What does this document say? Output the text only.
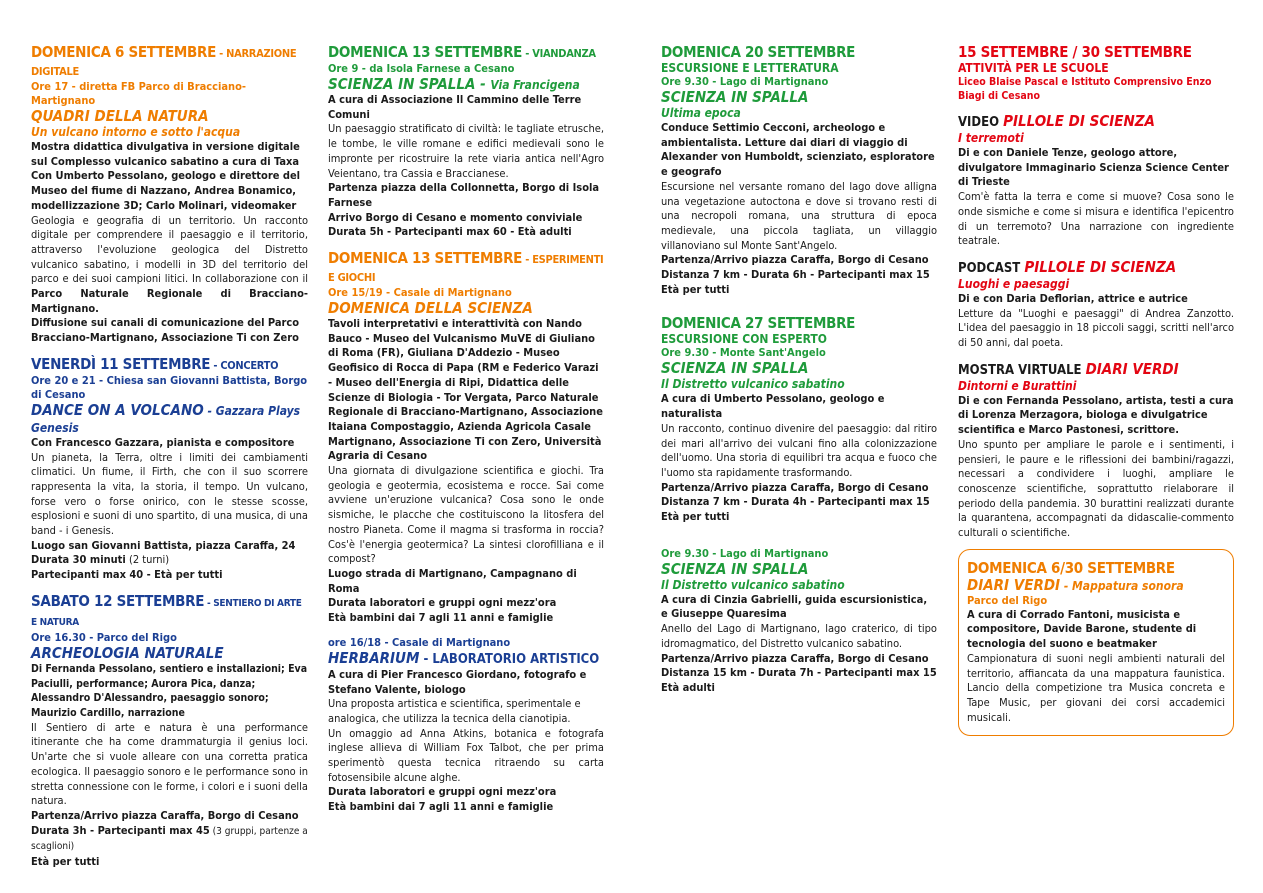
DOMENICA 6 SETTEMBRE - NARRAZIONE DIGITALE
Ore 17 - diretta FB Parco di Bracciano-Martignano
QUADRI DELLA NATURA
Un vulcano intorno e sotto l'acqua
Mostra didattica divulgativa in versione digitale sul Complesso vulcanico sabatino a cura di Taxa
Con Umberto Pessolano, geologo e direttore del Museo del fiume di Nazzano, Andrea Bonamico, modellizzazione 3D; Carlo Molinari, videomaker
Geologia e geografia di un territorio. Un racconto digitale per comprendere il paesaggio e il territorio, attraverso l'evoluzione geologica del Distretto vulcanico sabatino, i modelli in 3D del territorio del parco e dei suoi campioni litici. In collaborazione con il Parco Naturale Regionale di Bracciano-Martignano.
Diffusione sui canali di comunicazione del Parco Bracciano-Martignano, Associazione Ti con Zero
VENERDÌ 11 SETTEMBRE - CONCERTO
Ore 20 e 21 - Chiesa san Giovanni Battista, Borgo di Cesano
DANCE ON A VOLCANO - Gazzara Plays Genesis
Con Francesco Gazzara, pianista e compositore
Un pianeta, la Terra, oltre i limiti dei cambiamenti climatici. Un fiume, il Firth, che con il suo scorrere rappresenta la vita, la storia, il tempo. Un vulcano, forse vero o forse onirico, con le stesse scosse, esplosioni e suoni di uno spartito, di una musica, di una band - i Genesis.
Luogo san Giovanni Battista, piazza Caraffa, 24
Durata 30 minuti (2 turni)
Partecipanti max 40 - Età per tutti
SABATO 12 SETTEMBRE - SENTIERO DI ARTE E NATURA
Ore 16.30 - Parco del Rigo
ARCHEOLOGIA NATURALE
Di Fernanda Pessolano, sentiero e installazioni; Eva Paciulli, performance; Aurora Pica, danza; Alessandro D'Alessandro, paesaggio sonoro; Maurizio Cardillo, narrazione
Il Sentiero di arte e natura è una performance itinerante che ha come drammaturgia il genius loci. Un'arte che si vuole alleare con una corretta pratica ecologica. Il paesaggio sonoro e le performance sono in stretta connessione con le forme, i colori e i suoni della natura.
Partenza/Arrivo piazza Caraffa, Borgo di Cesano
Durata 3h - Partecipanti max 45 (3 gruppi, partenze a scaglioni)
Età per tutti
DOMENICA 13 SETTEMBRE - VIANDANZA
Ore 9 - da Isola Farnese a Cesano
SCIENZA IN SPALLA - Via Francigena
A cura di Associazione Il Cammino delle Terre Comuni
Un paesaggio stratificato di civiltà: le tagliate etrusche, le tombe, le ville romane e edifici medievali sono le impronte per ricostruire la rete viaria antica nell'Agro Veientano, tra Cassia e Braccianese.
Partenza piazza della Collonnetta, Borgo di Isola Farnese
Arrivo Borgo di Cesano e momento conviviale
Durata 5h - Partecipanti max 60 - Età adulti
DOMENICA 13 SETTEMBRE - ESPERIMENTI E GIOCHI
Ore 15/19 - Casale di Martignano
DOMENICA DELLA SCIENZA
Tavoli interpretativi e interattività con Nando Bauco - Museo del Vulcanismo MuVE di Giuliano di Roma (FR), Giuliana D'Addezio - Museo Geofisico di Rocca di Papa (RM e Federico Varazi - Museo dell'Energia di Ripi, Didattica delle Scienze di Biologia - Tor Vergata, Parco Naturale Regionale di Bracciano-Martignano, Associazione Itaiana Compostaggio, Azienda Agricola Casale Martignano, Associazione Ti con Zero, Università Agraria di Cesano
Una giornata di divulgazione scientifica e giochi. Tra geologia e geotermia, ecosistema e rocce. Sai come avviene un'eruzione vulcanica? Cosa sono le onde sismiche, le placche che costituiscono la litosfera del nostro Pianeta. Come il magma si trasforma in roccia? Cos'è l'energia geotermica? La sintesi clorofilliana e il compost?
Luogo strada di Martignano, Campagnano di Roma
Durata laboratori e gruppi ogni mezz'ora
Età bambini dai 7 agli 11 anni e famiglie
ore 16/18 - Casale di Martignano
HERBARIUM - LABORATORIO ARTISTICO
A cura di Pier Francesco Giordano, fotografo e Stefano Valente, biologo
Una proposta artistica e scientifica, sperimentale e analogica, che utilizza la tecnica della cianotipia.
Un omaggio ad Anna Atkins, botanica e fotografa inglese allieva di William Fox Talbot, che per prima sperimentò questa tecnica ritraendo su carta fotosensibile alcune alghe.
Durata laboratori e gruppi ogni mezz'ora
Età bambini dai 7 agli 11 anni e famiglie
DOMENICA 20 SETTEMBRE
ESCURSIONE E LETTERATURA
Ore 9.30 - Lago di Martignano
SCIENZA IN SPALLA
Ultima epoca
Conduce Settimio Cecconi, archeologo e ambientalista. Letture dai diari di viaggio di Alexander von Humboldt, scienziato, esploratore e geografo
Escursione nel versante romano del lago dove alligna una vegetazione autoctona e dove si trovano resti di una necropoli romana, una struttura di epoca medievale, una piccola tagliata, un villaggio villanoviano sul Monte Sant'Angelo.
Partenza/Arrivo piazza Caraffa, Borgo di Cesano
Distanza 7 km - Durata 6h - Partecipanti max 15
Età per tutti
DOMENICA 27 SETTEMBRE
ESCURSIONE CON ESPERTO
Ore 9.30 - Monte Sant'Angelo
SCIENZA IN SPALLA
Il Distretto vulcanico sabatino
A cura di Umberto Pessolano, geologo e naturalista
Un racconto, continuo divenire del paesaggio: dal ritiro dei mari all'arrivo dei vulcani fino alla colonizzazione dell'uomo. Una storia di equilibri tra acqua e fuoco che l'uomo sta rapidamente trasformando.
Partenza/Arrivo piazza Caraffa, Borgo di Cesano
Distanza 7 km - Durata 4h - Partecipanti max 15
Età per tutti
Ore 9.30 - Lago di Martignano
SCIENZA IN SPALLA
Il Distretto vulcanico sabatino
A cura di Cinzia Gabrielli, guida escursionistica, e Giuseppe Quaresima
Anello del Lago di Martignano, lago craterico, di tipo idromagmatico, del Distretto vulcanico sabatino.
Partenza/Arrivo piazza Caraffa, Borgo di Cesano
Distanza 15 km - Durata 7h - Partecipanti max 15
Età adulti
15 SETTEMBRE / 30 SETTEMBRE
ATTIVITÀ PER LE SCUOLE
Liceo Blaise Pascal e Istituto Comprensivo Enzo Biagi di Cesano
VIDEO PILLOLE DI SCIENZA
I terremoti
Di e con Daniele Tenze, geologo attore, divulgatore Immaginario Scienza Science Center di Trieste
Com'è fatta la terra e come si muove? Cosa sono le onde sismiche e come si misura e identifica l'epicentro di un terremoto? Una narrazione con ingrediente teatrale.
PODCAST PILLOLE DI SCIENZA
Luoghi e paesaggi
Di e con Daria Deflorian, attrice e autrice
Letture da "Luoghi e paesaggi" di Andrea Zanzotto. L'idea del paesaggio in 18 piccoli saggi, scritti nell'arco di 50 anni, dal poeta.
MOSTRA VIRTUALE DIARI VERDI
Dintorni e Burattini
Di e con Fernanda Pessolano, artista, testi a cura di Lorenza Merzagora, biologa e divulgatrice scientifica e Marco Pastonesi, scrittore.
Uno spunto per ampliare le parole e i sentimenti, i pensieri, le paure e le riflessioni dei bambini/ragazzi, necessari a condividere i luoghi, ampliare le conoscenze scientifiche, soprattutto rielaborare il periodo della pandemia. 30 burattini realizzati durante la quarantena, accompagnati da didascalie-commento culturali o scientifiche.
DOMENICA 6/30 SETTEMBRE
DIARI VERDI - Mappatura sonora
Parco del Rigo
A cura di Corrado Fantoni, musicista e compositore, Davide Barone, studente di tecnologia del suono e beatmaker
Campionatura di suoni negli ambienti naturali del territorio, affiancata da una mappatura faunistica. Lancio della competizione tra Musica concreta e Tape Music, per giovani dei corsi accademici musicali.
